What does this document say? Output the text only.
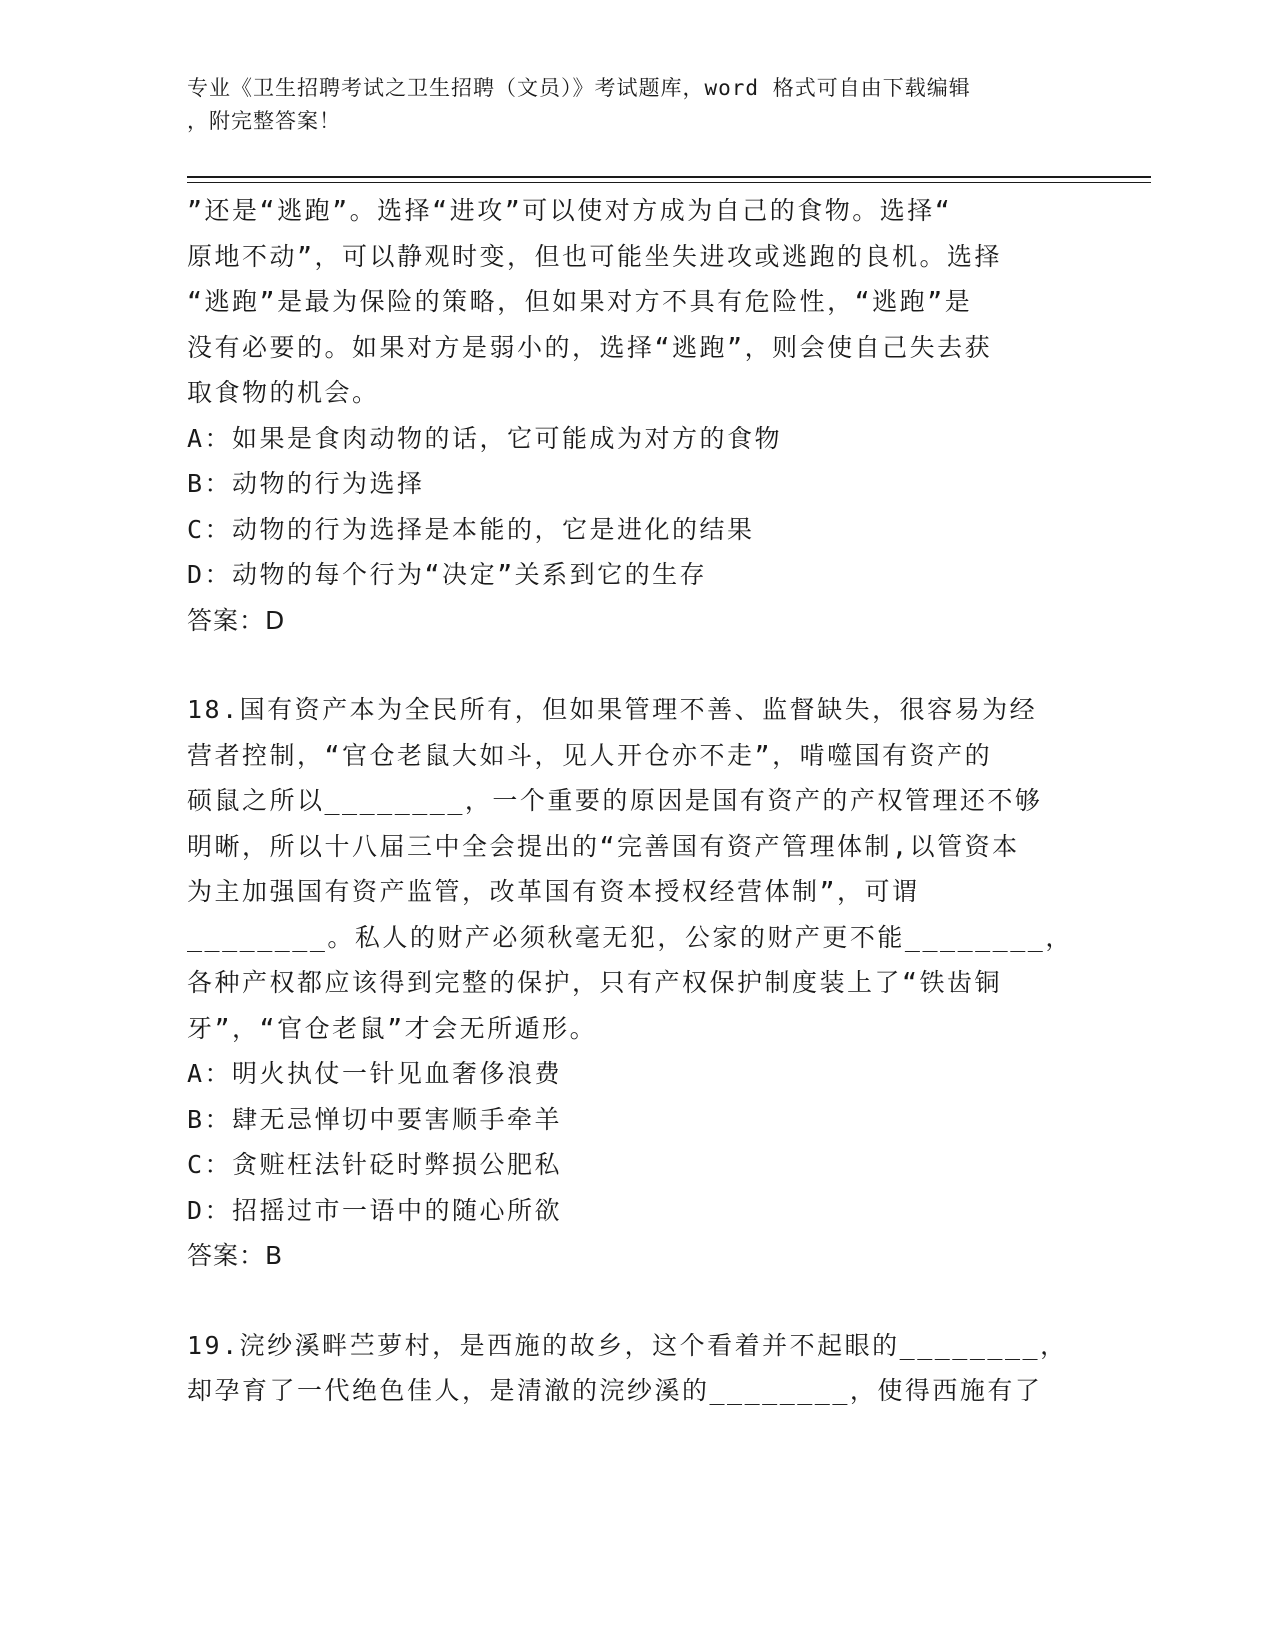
专业《卫生招聘考试之卫生招聘（文员）》考试题库，word 格式可自由下载编辑
，附完整答案！
”还是“逃跑”。选择“进攻”可以使对方成为自己的食物。选择“
原地不动”，可以静观时变，但也可能坐失进攻或逃跑的良机。选择
“逃跑”是最为保险的策略，但如果对方不具有危险性，“逃跑”是
没有必要的。如果对方是弱小的，选择“逃跑”，则会使自己失去获
取食物的机会。
A：如果是食肉动物的话，它可能成为对方的食物
B：动物的行为选择
C：动物的行为选择是本能的，它是进化的结果
D：动物的每个行为“决定”关系到它的生存
答案：D
18.国有资产本为全民所有，但如果管理不善、监督缺失，很容易为经
营者控制，“官仓老鼠大如斗，见人开仓亦不走”，啃噬国有资产的
硕鼠之所以________，一个重要的原因是国有资产的产权管理还不够
明晰，所以十八届三中全会提出的“完善国有资产管理体制,以管资本
为主加强国有资产监管，改革国有资本授权经营体制”，可谓
________。私人的财产必须秋毫无犯，公家的财产更不能________，
各种产权都应该得到完整的保护，只有产权保护制度装上了“铁齿铜
牙”，“官仓老鼠”才会无所遁形。
A：明火执仗一针见血奢侈浪费
B：肆无忌惮切中要害顺手牵羊
C：贪赃枉法针砭时弊损公肥私
D：招摇过市一语中的随心所欲
答案：B
19.浣纱溪畔苎萝村，是西施的故乡，这个看着并不起眼的________，
却孕育了一代绝色佳人，是清澈的浣纱溪的________，使得西施有了
